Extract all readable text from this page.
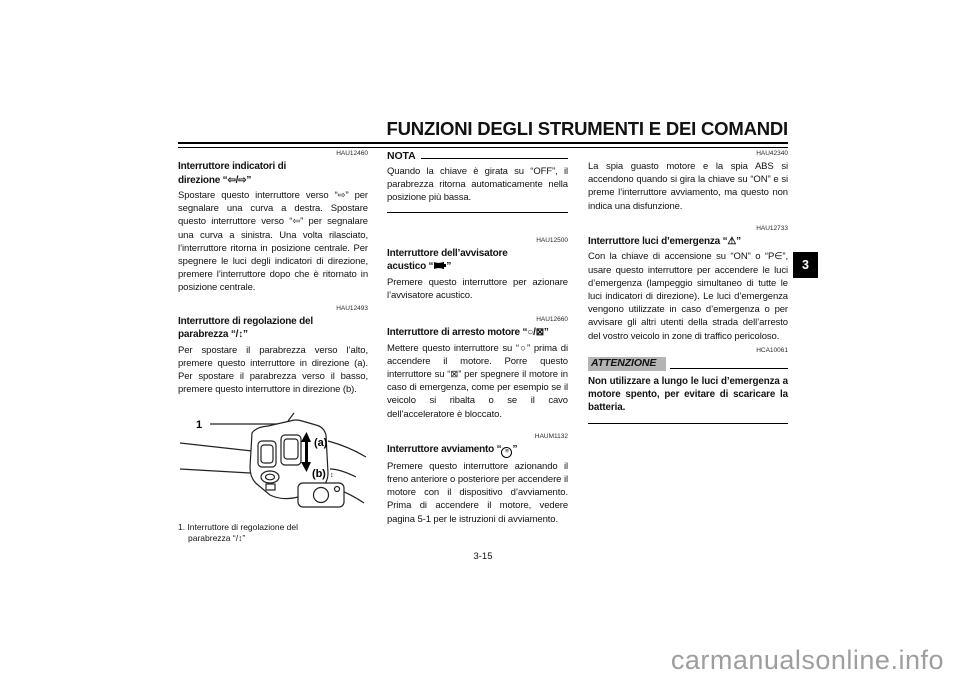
FUNZIONI DEGLI STRUMENTI E DEI COMANDI
HAU12460
Interruttore indicatori di
direzione “⇦/⇨”
Spostare questo interruttore verso “⇨” per segnalare una curva a destra. Spostare questo interruttore verso “⇦” per segnalare una curva a sinistra. Una volta rilasciato, l’interruttore ritorna in posizione centrale. Per spegnere le luci degli indicatori di direzione, premere l’interruttore dopo che è ritornato in posizione centrale.
HAU12493
Interruttore di regolazione del
parabrezza “/↕”
Per spostare il parabrezza verso l’alto, premere questo interruttore in direzione (a). Per spostare il parabrezza verso il basso, premere questo interruttore in direzione (b).
1
(a)
(b) ↕
1. Interruttore di regolazione del
parabrezza “/↕”
NOTA
Quando la chiave è girata su “OFF”, il parabrezza ritorna automaticamente nella posizione più bassa.
HAU12500
Interruttore dell’avvisatore
acustico “ ”
Premere questo interruttore per azionare l’avvisatore acustico.
HAU12660
Interruttore di arresto motore “○/⊠”
Mettere questo interruttore su “○” prima di accendere il motore. Porre questo interruttore su “⊠” per spegnere il motore in caso di emergenza, come per esempio se il veicolo si ribalta o se il cavo dell’acceleratore è bloccato.
HAUM1132
Interruttore avviamento “ ≡ ”
Premere questo interruttore azionando il freno anteriore o posteriore per accendere il motore con il dispositivo d’avviamento. Prima di accendere il motore, vedere pagina 5-1 per le istruzioni di avviamento.
HAU42340
La spia guasto motore e la spia ABS si accendono quando si gira la chiave su “ON” e si preme l’interruttore avviamento, ma questo non indica una disfunzione.
HAU12733
Interruttore luci d’emergenza “⚠”
Con la chiave di accensione su “ON” o “P∈”, usare questo interruttore per accendere le luci d’emergenza (lampeggio simultaneo di tutte le luci indicatori di direzione). Le luci d’emergenza vengono utilizzate in caso d’emergenza o per avvisare gli altri utenti della strada dell’arresto del vostro veicolo in zone di traffico pericoloso.
HCA10061
ATTENZIONE
Non utilizzare a lungo le luci d’emergenza a motore spento, per evitare di scaricare la batteria.
3
3-15
carmanualsonline.info
